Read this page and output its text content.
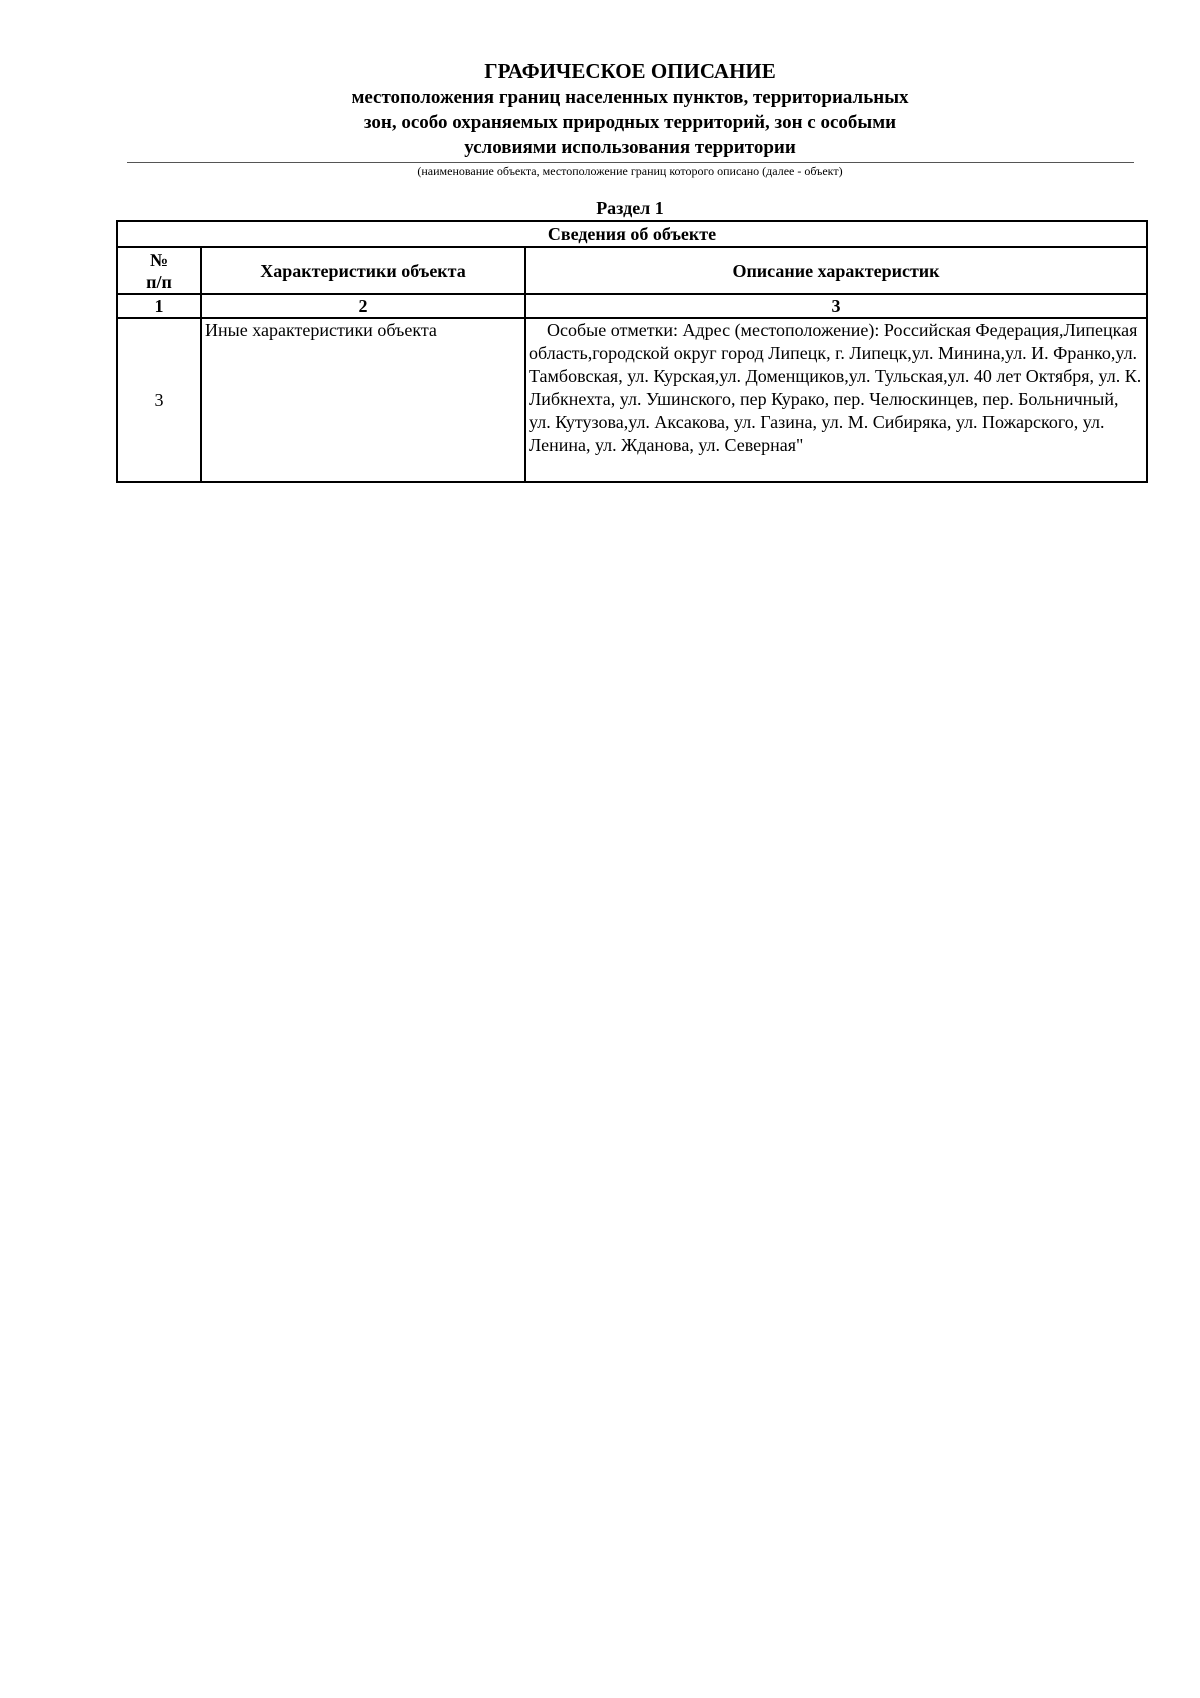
ГРАФИЧЕСКОЕ ОПИСАНИЕ
местоположения границ населенных пунктов, территориальных
зон, особо охраняемых природных территорий, зон с особыми
условиями использования территории
(наименование объекта, местоположение границ которого описано (далее - объект)
Раздел 1
Сведения об объекте		
№
п/п	Характеристики объекта	Описание характеристик
1	2	3
3	Иные характеристики объекта	Особые отметки: Адрес (местоположение): Российская Федерация,Липецкая область,городской округ город Липецк, г. Липецк,ул. Минина,ул. И. Франко,ул. Тамбовская, ул. Курская,ул. Доменщиков,ул. Тульская,ул. 40 лет Октября, ул. К. Либкнехта, ул. Ушинского, пер Курако, пер. Челюскинцев, пер. Больничный, ул. Кутузова,ул. Аксакова, ул. Газина, ул. М. Сибиряка, ул. Пожарского, ул. Ленина, ул. Жданова, ул. Северная"
